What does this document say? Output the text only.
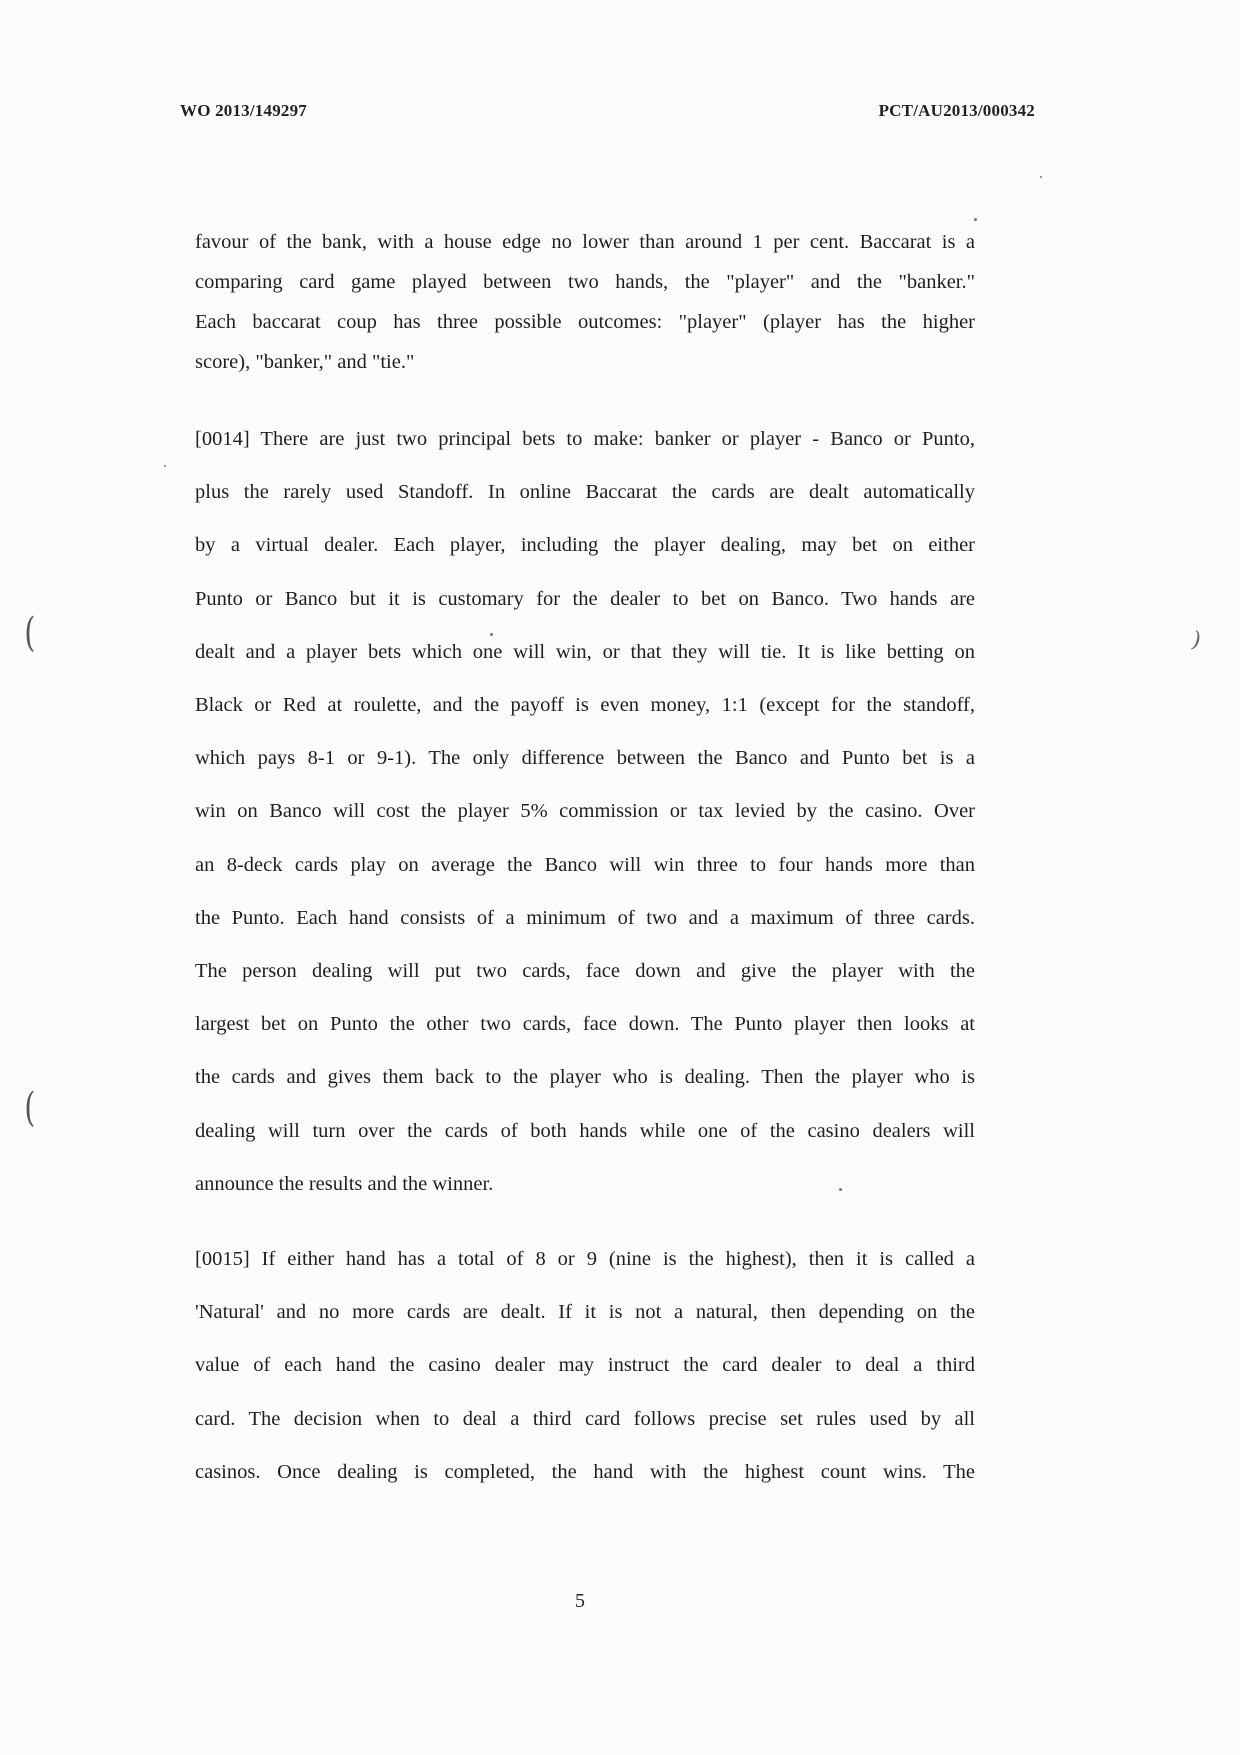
WO 2013/149297	PCT/AU2013/000342
favour of the bank, with a house edge no lower than around 1 per cent. Baccarat is a
comparing card game played between two hands, the "player" and the "banker."
Each baccarat coup has three possible outcomes: "player" (player has the higher
score), "banker," and "tie."
[0014] There are just two principal bets to make: banker or player - Banco or Punto,
plus the rarely used Standoff. In online Baccarat the cards are dealt automatically
by a virtual dealer. Each player, including the player dealing, may bet on either
Punto or Banco but it is customary for the dealer to bet on Banco. Two hands are
dealt and a player bets which one will win, or that they will tie. It is like betting on
Black or Red at roulette, and the payoff is even money, 1:1 (except for the standoff,
which pays 8-1 or 9-1). The only difference between the Banco and Punto bet is a
win on Banco will cost the player 5% commission or tax levied by the casino. Over
an 8-deck cards play on average the Banco will win three to four hands more than
the Punto. Each hand consists of a minimum of two and a maximum of three cards.
The person dealing will put two cards, face down and give the player with the
largest bet on Punto the other two cards, face down. The Punto player then looks at
the cards and gives them back to the player who is dealing. Then the player who is
dealing will turn over the cards of both hands while one of the casino dealers will
announce the results and the winner.
[0015] If either hand has a total of 8 or 9 (nine is the highest), then it is called a
'Natural' and no more cards are dealt. If it is not a natural, then depending on the
value of each hand the casino dealer may instruct the card dealer to deal a third
card. The decision when to deal a third card follows precise set rules used by all
casinos. Once dealing is completed, the hand with the highest count wins. The
5
(
(
)
